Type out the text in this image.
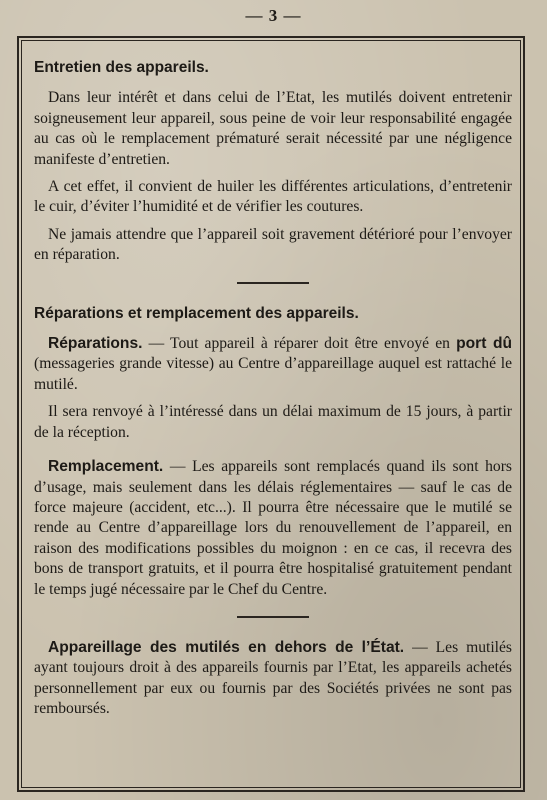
— 3 —
Entretien des appareils.

Dans leur intérêt et dans celui de l’Etat, les mutilés doivent entretenir soigneusement leur appareil, sous peine de voir leur responsabilité engagée au cas où le remplacement prématuré serait nécessité par une négligence manifeste d’entretien.

A cet effet, il convient de huiler les différentes articulations, d’entretenir le cuir, d’éviter l’humidité et de vérifier les coutures.

Ne jamais attendre que l’appareil soit gravement détérioré pour l’envoyer en réparation.

Réparations et remplacement des appareils.

Réparations. — Tout appareil à réparer doit être envoyé en port dû (messageries grande vitesse) au Centre d’appareillage auquel est rattaché le mutilé.

Il sera renvoyé à l’intéressé dans un délai maximum de 15 jours, à partir de la réception.

Remplacement. — Les appareils sont remplacés quand ils sont hors d’usage, mais seulement dans les délais réglementaires — sauf le cas de force majeure (accident, etc...). Il pourra être nécessaire que le mutilé se rende au Centre d’appareillage lors du renouvellement de l’appareil, en raison des modifications possibles du moignon : en ce cas, il recevra des bons de transport gratuits, et il pourra être hospitalisé gratuitement pendant le temps jugé nécessaire par le Chef du Centre.

Appareillage des mutilés en dehors de l’État. — Les mutilés ayant toujours droit à des appareils fournis par l’Etat, les appareils achetés personnellement par eux ou fournis par des Sociétés privées ne sont pas remboursés.
